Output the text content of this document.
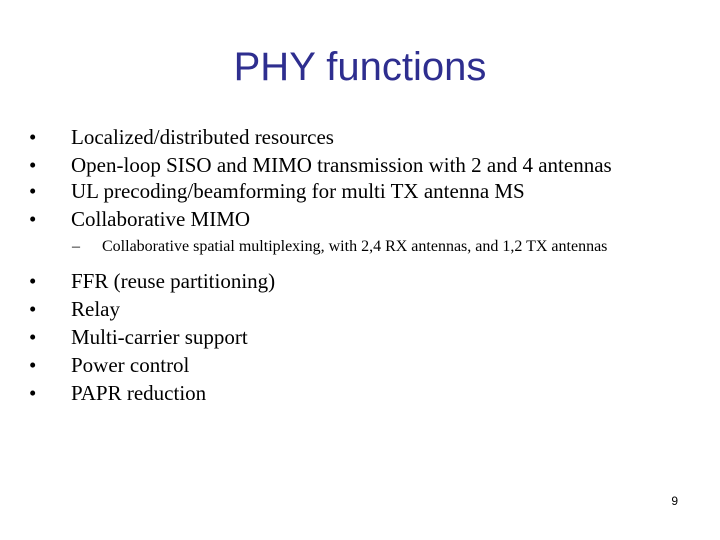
PHY functions
•	Localized/distributed resources
•	Open-loop SISO and MIMO transmission with 2 and 4 antennas
•	UL precoding/beamforming for multi TX antenna MS
•	Collaborative MIMO
– Collaborative spatial multiplexing, with 2,4 RX antennas, and 1,2 TX antennas
•	FFR (reuse partitioning)
•	Relay
•	Multi-carrier support
•	Power control
•	PAPR reduction
9
